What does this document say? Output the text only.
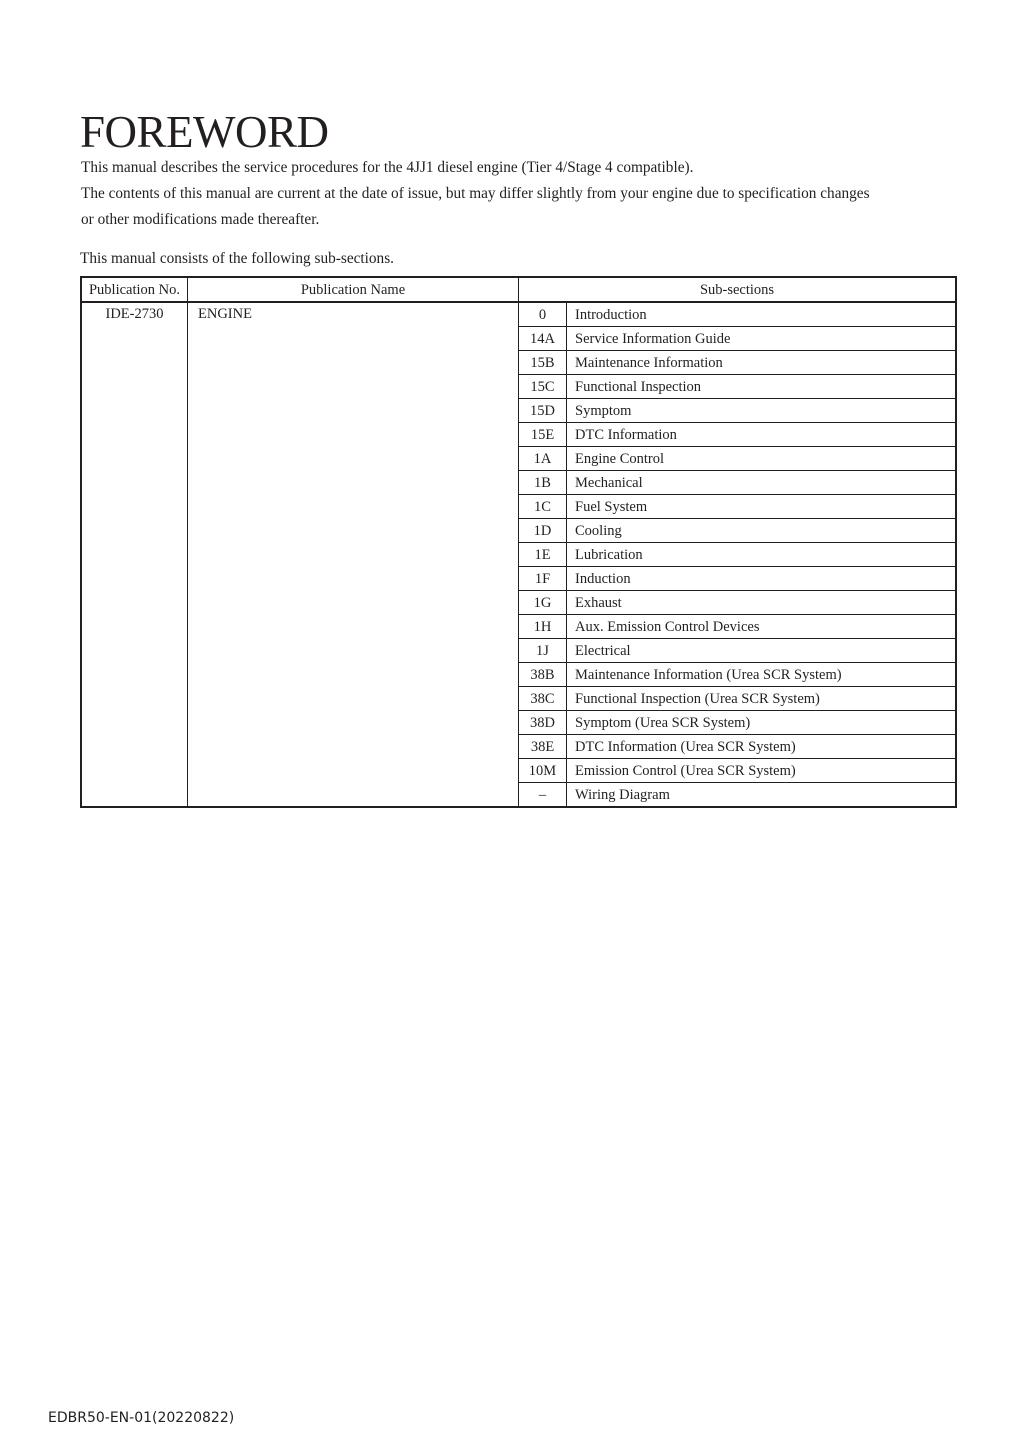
FOREWORD
This manual describes the service procedures for the 4JJ1 diesel engine (Tier 4/Stage 4 compatible).
The contents of this manual are current at the date of issue, but may differ slightly from your engine due to specification changes
or other modifications made thereafter.

This manual consists of the following sub-sections.

Publication No.	Publication Name	Sub-sections	
IDE-2730	ENGINE	0	Introduction
		14A	Service Information Guide
		15B	Maintenance Information
		15C	Functional Inspection
		15D	Symptom
		15E	DTC Information
		1A	Engine Control
		1B	Mechanical
		1C	Fuel System
		1D	Cooling
		1E	Lubrication
		1F	Induction
		1G	Exhaust
		1H	Aux. Emission Control Devices
		1J	Electrical
		38B	Maintenance Information (Urea SCR System)
		38C	Functional Inspection (Urea SCR System)
		38D	Symptom (Urea SCR System)
		38E	DTC Information (Urea SCR System)
		10M	Emission Control (Urea SCR System)
		–	Wiring Diagram
EDBR50-EN-01(20220822)
